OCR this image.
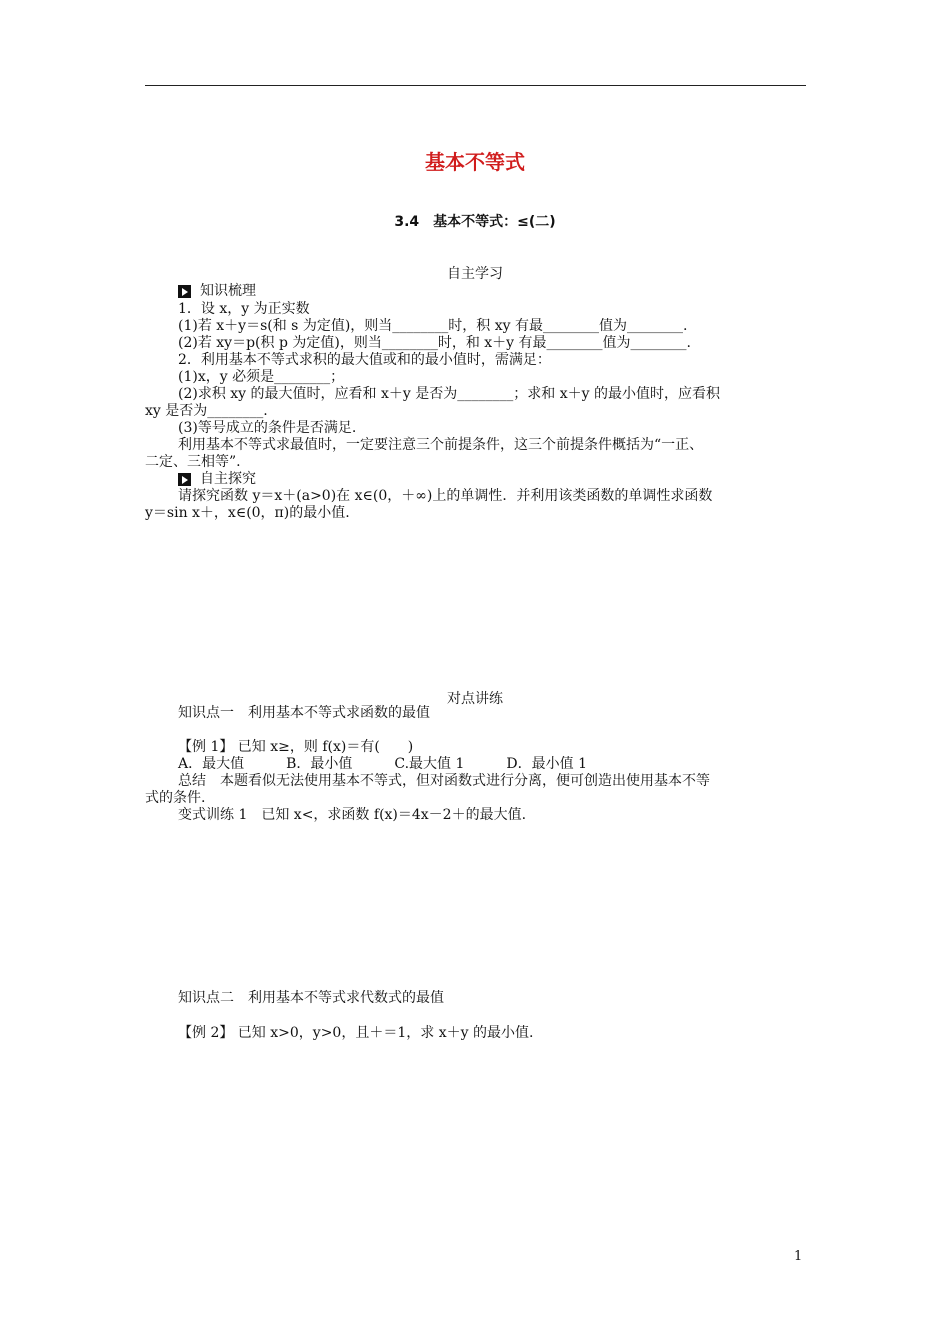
基本不等式
3.4　基本不等式：≤(二)
自主学习
知识梳理
1．设 x，y 为正实数
(1)若 x＋y＝s(和 s 为定值)，则当________时，积 xy 有最________值为________.
(2)若 xy＝p(积 p 为定值)，则当________时，和 x＋y 有最________值为________.
2．利用基本不等式求积的最大值或和的最小值时，需满足：
(1)x，y 必须是________；
(2)求积 xy 的最大值时，应看和 x＋y 是否为________；求和 x＋y 的最小值时，应看积
xy 是否为________.
(3)等号成立的条件是否满足.
利用基本不等式求最值时，一定要注意三个前提条件，这三个前提条件概括为“一正、
二定、三相等”.
自主探究
请探究函数 y＝x＋(a>0)在 x∈(0，＋∞)上的单调性．并利用该类函数的单调性求函数
y＝sin x＋，x∈(0，π)的最小值.
对点讲练
知识点一　利用基本不等式求函数的最值
【例 1】 已知 x≥，则 f(x)＝有(　　)
A．最大值　　　B．最小值　　　C.最大值 1　　　D．最小值 1
总结　本题看似无法使用基本不等式，但对函数式进行分离，便可创造出使用基本不等
式的条件.
变式训练 1　已知 x<，求函数 f(x)＝4x－2＋的最大值.
知识点二　利用基本不等式求代数式的最值
【例 2】 已知 x>0，y>0，且＋＝1，求 x＋y 的最小值.
1
